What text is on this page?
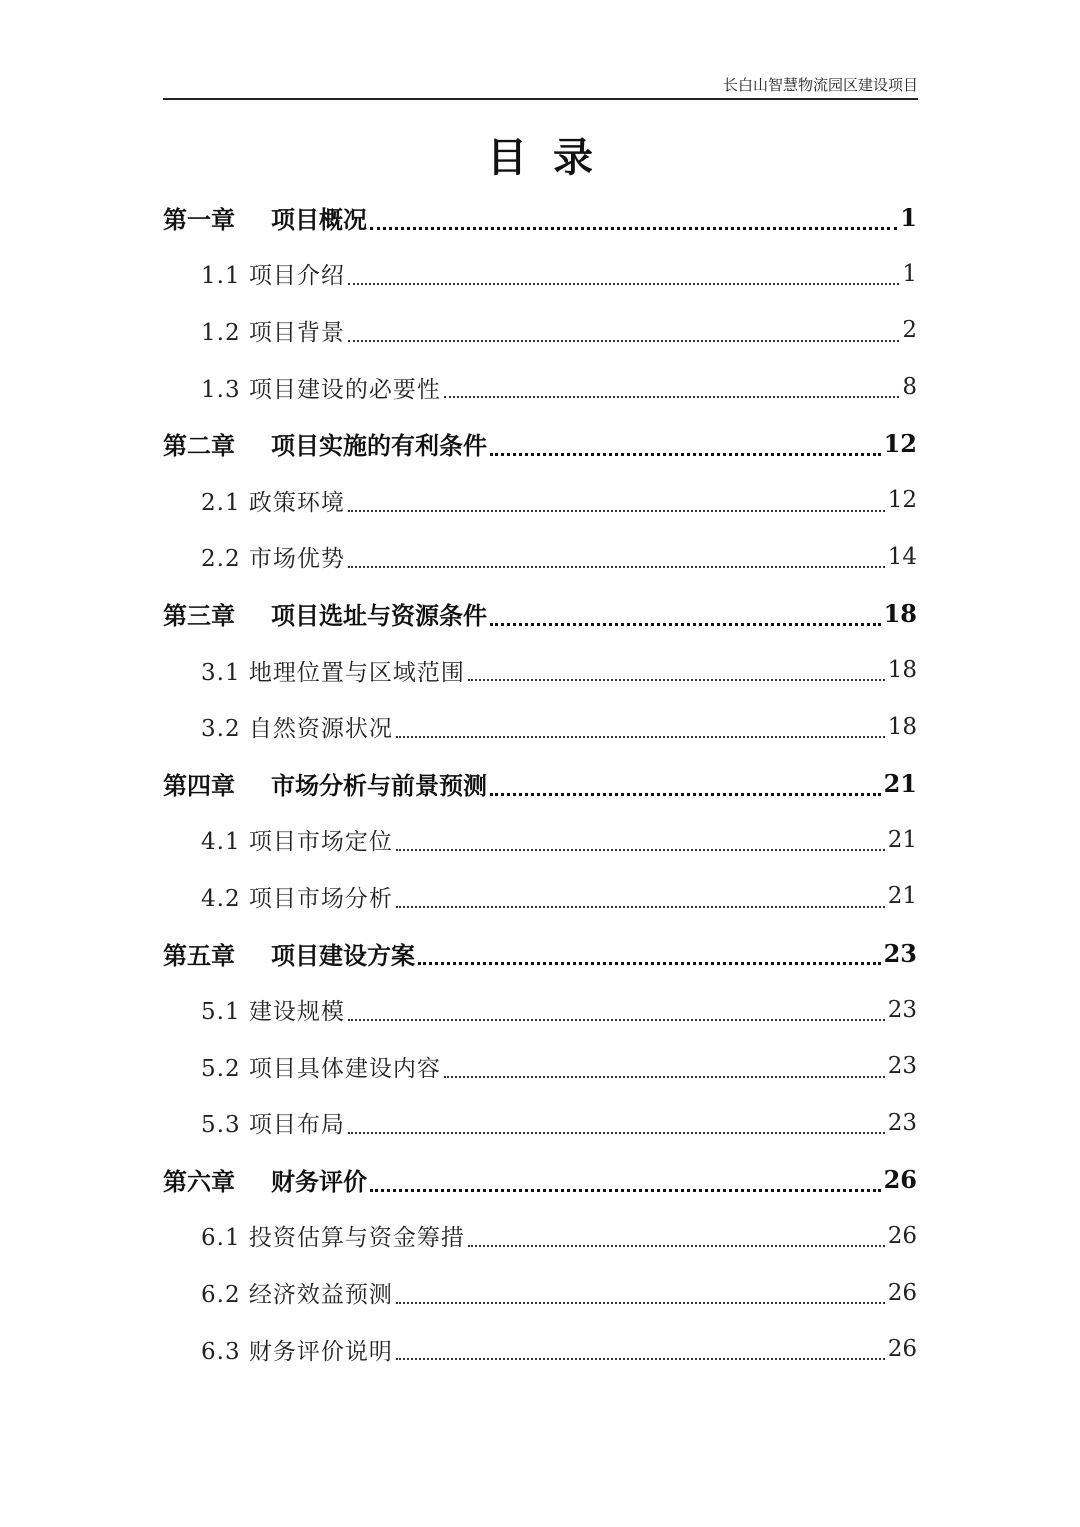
长白山智慧物流园区建设项目
目录
第一章 项目概况	1
1.1 项目介绍	1
1.2 项目背景	2
1.3 项目建设的必要性	8
第二章 项目实施的有利条件	12
2.1 政策环境	12
2.2 市场优势	14
第三章 项目选址与资源条件	18
3.1 地理位置与区域范围	18
3.2 自然资源状况	18
第四章 市场分析与前景预测	21
4.1 项目市场定位	21
4.2 项目市场分析	21
第五章 项目建设方案	23
5.1 建设规模	23
5.2 项目具体建设内容	23
5.3 项目布局	23
第六章 财务评价	26
6.1 投资估算与资金筹措	26
6.2 经济效益预测	26
6.3 财务评价说明	26
